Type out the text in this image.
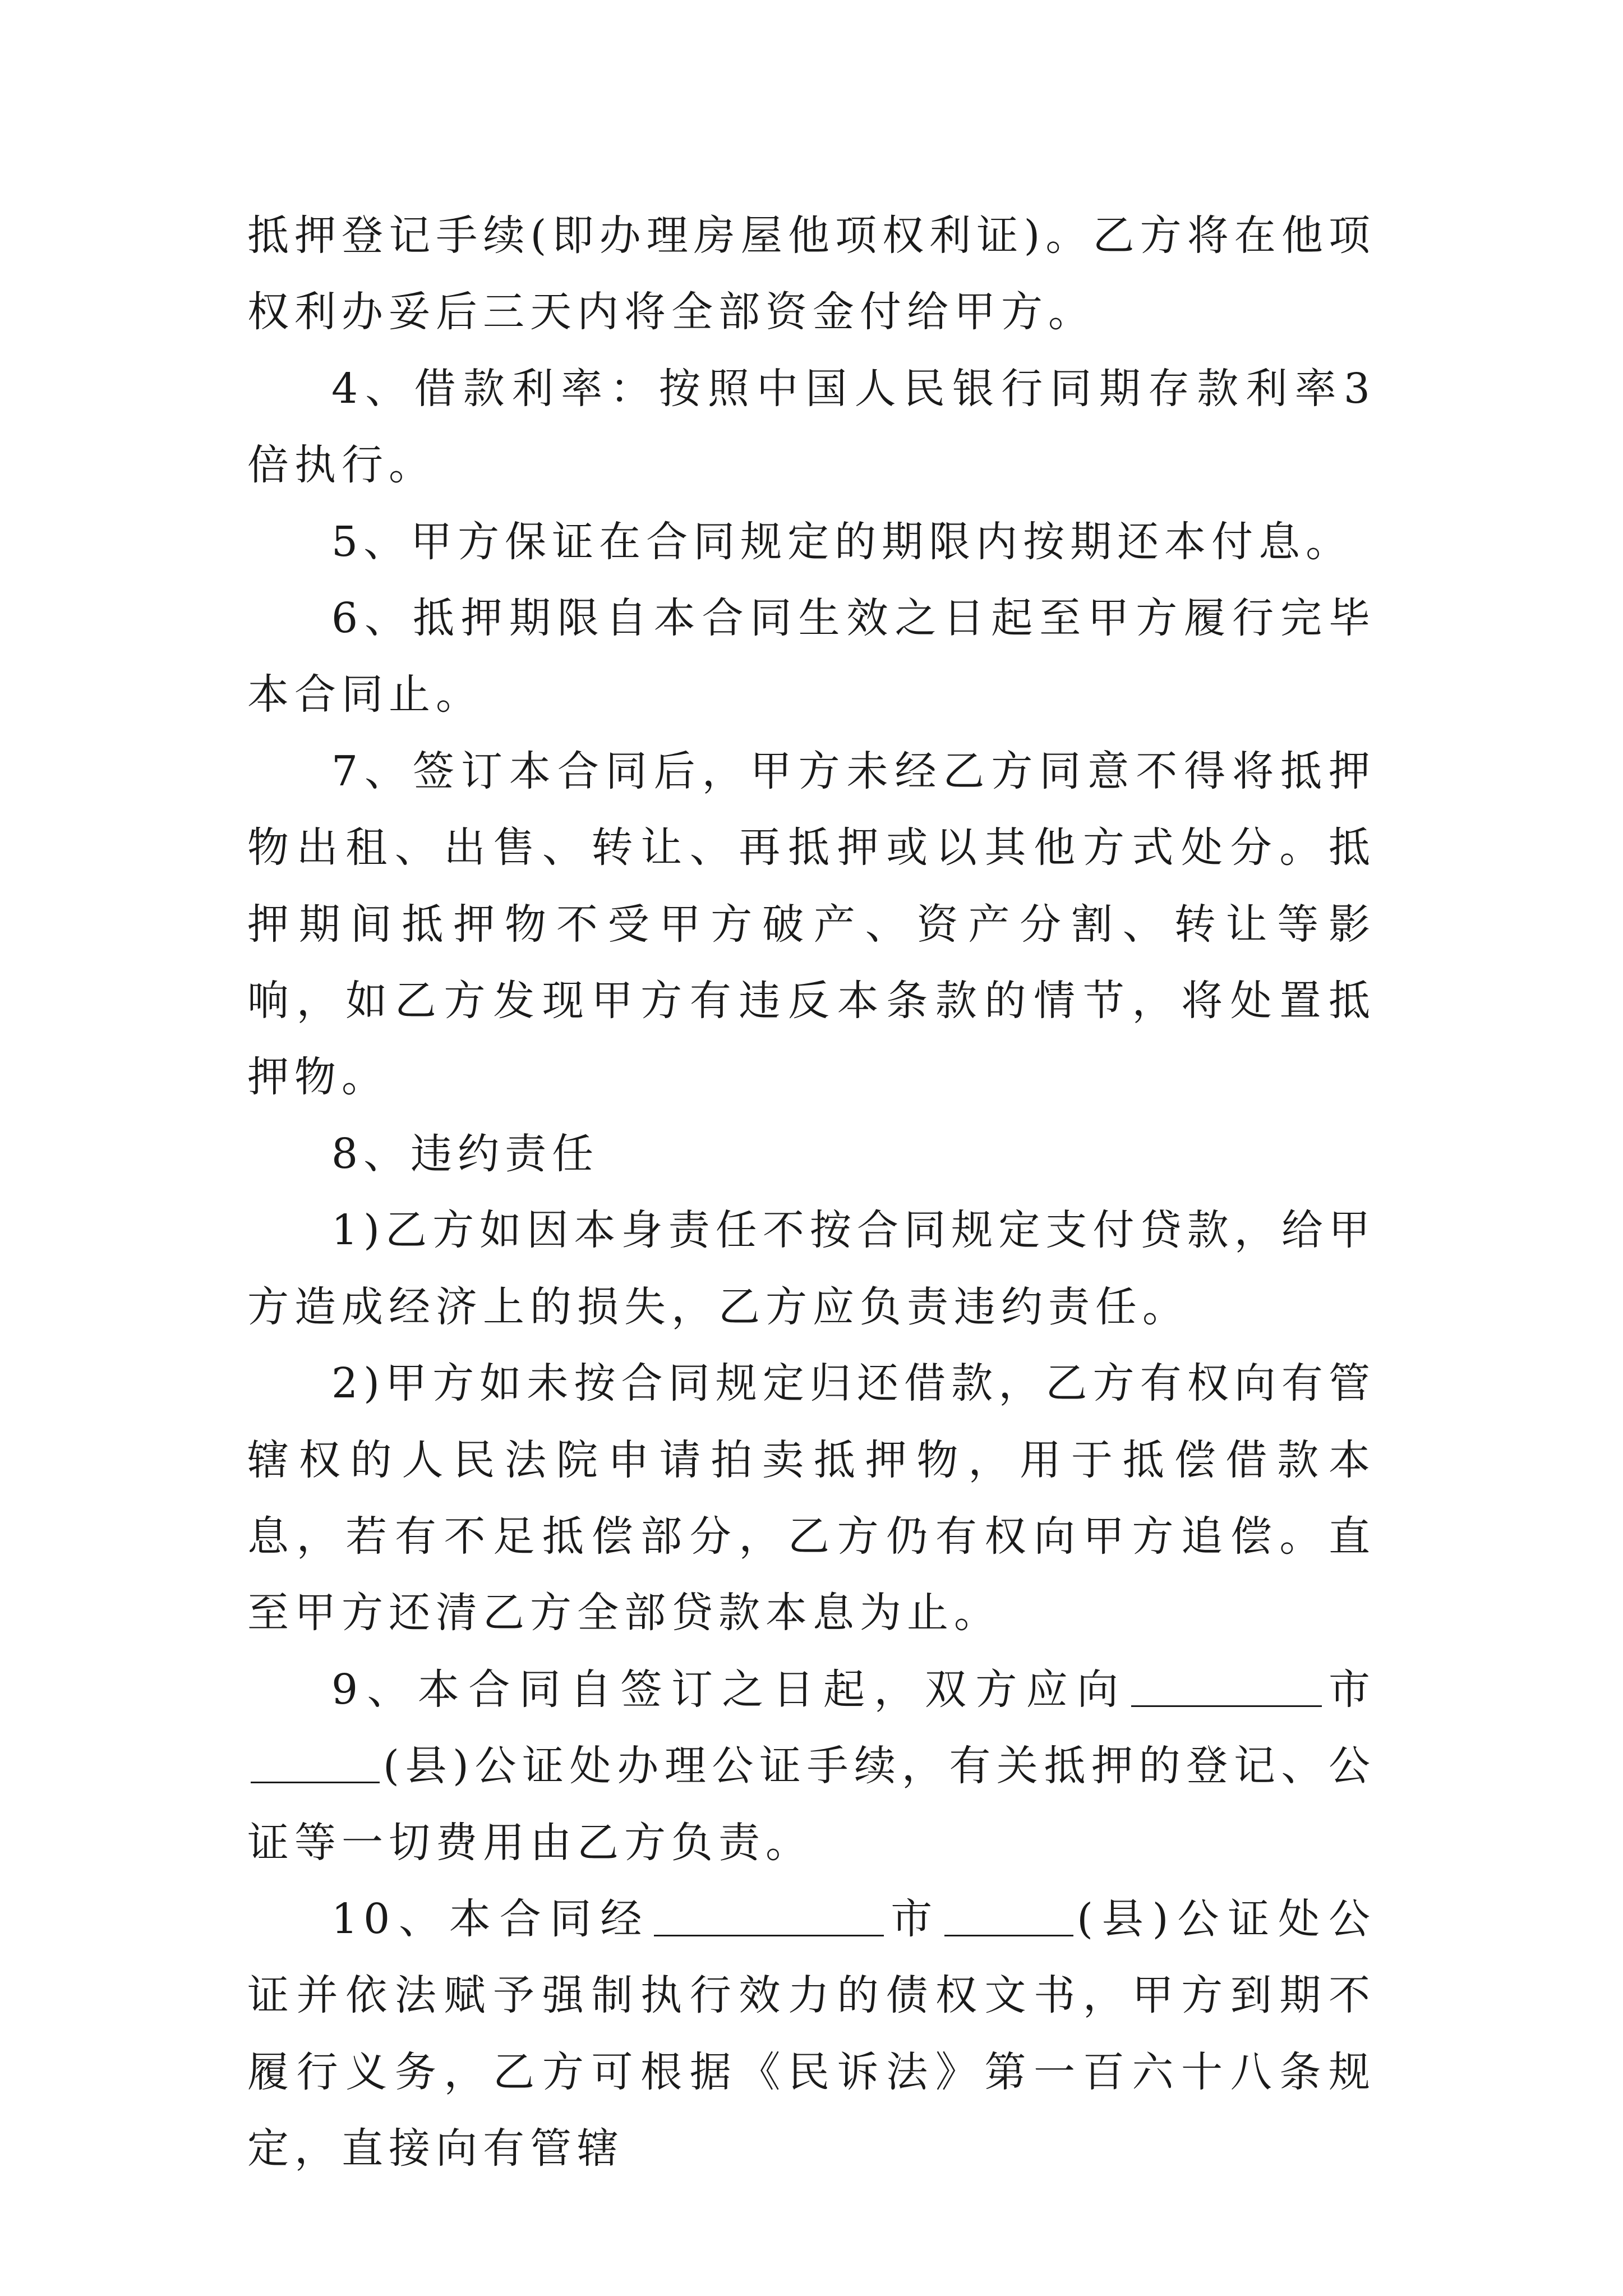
抵押登记手续(即办理房屋他项权利证)。乙方将在他项权利办妥后三天内将全部资金付给甲方。

4、借款利率：按照中国人民银行同期存款利率3倍执行。

5、甲方保证在合同规定的期限内按期还本付息。

6、抵押期限自本合同生效之日起至甲方履行完毕本合同止。

7、签订本合同后，甲方未经乙方同意不得将抵押物出租、出售、转让、再抵押或以其他方式处分。抵押期间抵押物不受甲方破产、资产分割、转让等影响，如乙方发现甲方有违反本条款的情节，将处置抵押物。

8、违约责任

1)乙方如因本身责任不按合同规定支付贷款，给甲方造成经济上的损失，乙方应负责违约责任。

2)甲方如未按合同规定归还借款，乙方有权向有管辖权的人民法院申请拍卖抵押物，用于抵偿借款本息，若有不足抵偿部分，乙方仍有权向甲方追偿。直至甲方还清乙方全部贷款本息为止。

9、本合同自签订之日起，双方应向	市(县)公证处办理公证手续，有关抵押的登记、公证等一切费用由乙方负责。

10、本合同经	市	(县)公证处公证并依法赋予强制执行效力的债权文书，甲方到期不履行义务，乙方可根据《民诉法》第一百六十八条规定，直接向有管辖
